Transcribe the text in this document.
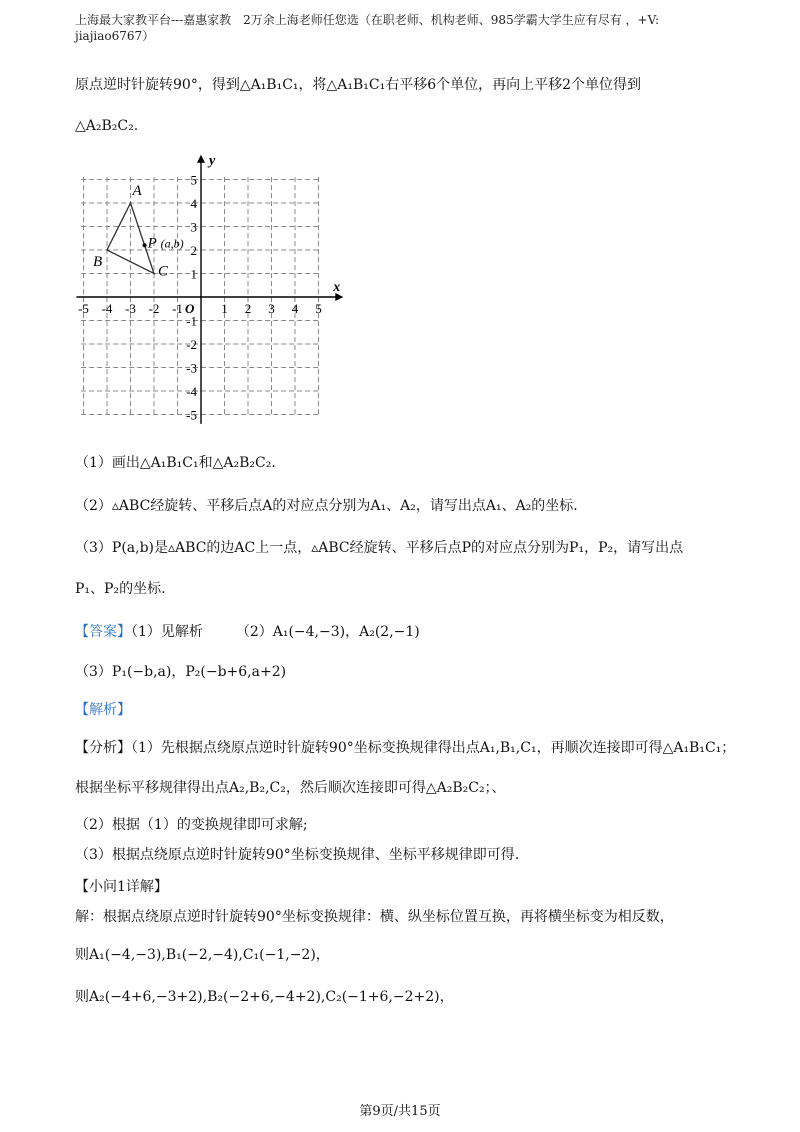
上海最大家教平台---嘉惠家教　2万余上海老师任您选（在职老师、机构老师、985学霸大学生应有尽有 ，+V:
jiajiao6767）
原点逆时针旋转90°，得到△A₁B₁C₁，将△A₁B₁C₁右平移6个单位，再向上平移2个单位得到
△A₂B₂C₂.
-5 -4 -3 -2 -1	1 2 3 4 5
5
4
3
2
1
-1
-2
-3
-4
-5
x
y
O
A
B
C
P (a,b)
（1）画出△A₁B₁C₁和△A₂B₂C₂.
（2）▵ABC经旋转、平移后点A的对应点分别为A₁、A₂，请写出点A₁、A₂的坐标.
（3）P(a,b)是▵ABC的边AC上一点，▵ABC经旋转、平移后点P的对应点分别为P₁，P₂，请写出点
P₁、P₂的坐标.
【答案】（1）见解析 （2）A₁(−4,−3)，A₂(2,−1)
（3）P₁(−b,a)，P₂(−b+6,a+2)
【解析】
【分析】（1）先根据点绕原点逆时针旋转90°坐标变换规律得出点A₁,B₁,C₁，再顺次连接即可得△A₁B₁C₁；
根据坐标平移规律得出点A₂,B₂,C₂，然后顺次连接即可得△A₂B₂C₂；、
（2）根据（1）的变换规律即可求解;
（3）根据点绕原点逆时针旋转90°坐标变换规律、坐标平移规律即可得.
【小问1详解】
解：根据点绕原点逆时针旋转90°坐标变换规律：横、纵坐标位置互换，再将横坐标变为相反数，
则A₁(−4,−3),B₁(−2,−4),C₁(−1,−2)，
则A₂(−4+6,−3+2),B₂(−2+6,−4+2),C₂(−1+6,−2+2)，
第9页/共15页
